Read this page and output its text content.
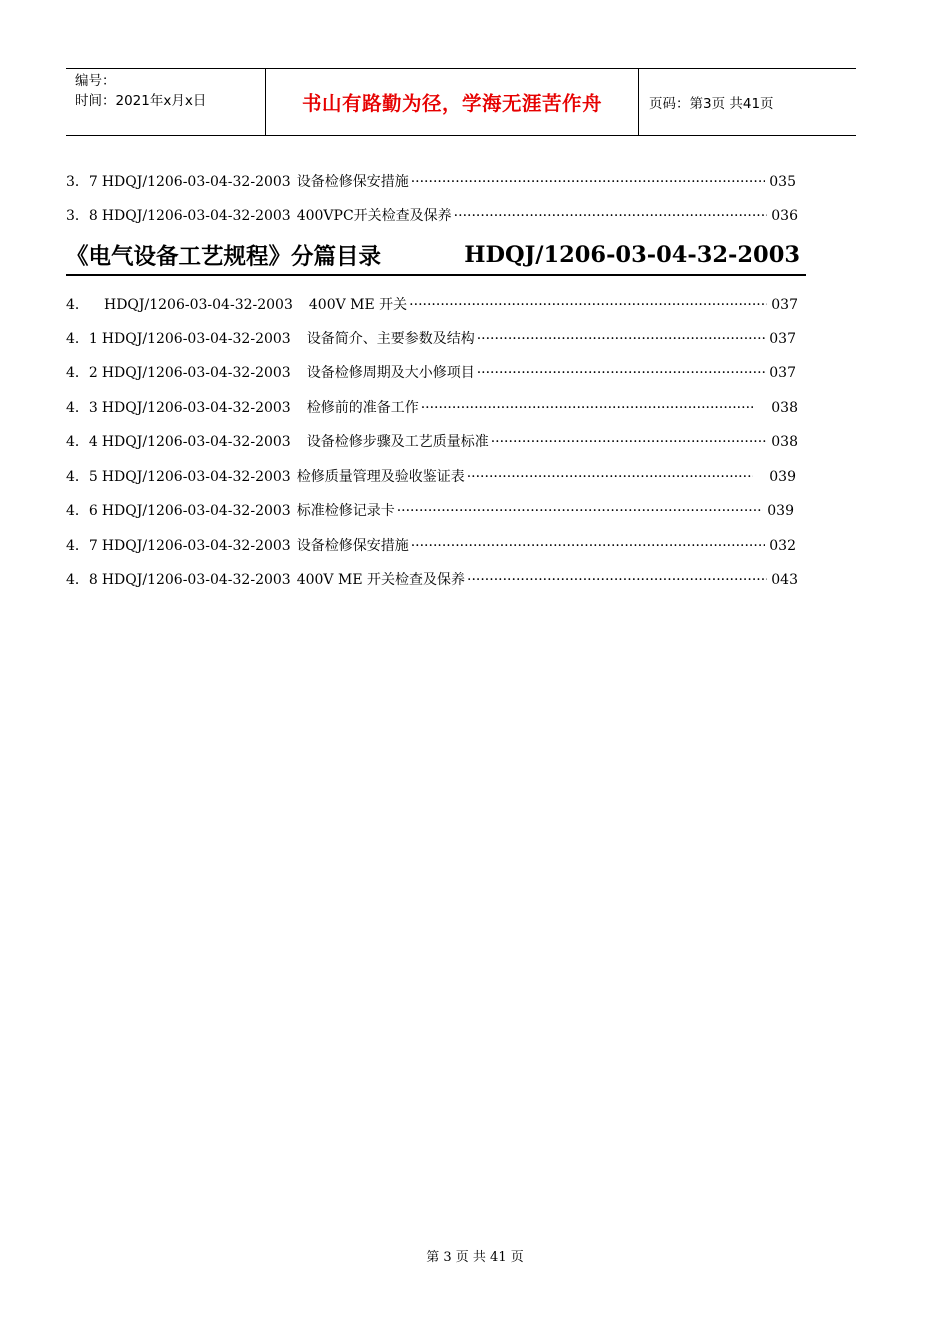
编号：
时间：2021年x月x日	书山有路勤为径，学海无涯苦作舟	页码：第3页 共41页
3．7 HDQJ/1206-03-04-32-2003 设备检修保安措施 ·····	035
3．8 HDQJ/1206-03-04-32-2003 400VPC开关检查及保养 ·····	036
《电气设备工艺规程》分篇目录	HDQJ/1206-03-04-32-2003
4．	HDQJ/1206-03-04-32-2003 400V ME 开关 ·····	037
4．1 HDQJ/1206-03-04-32-2003 设备简介、主要参数及结构 ·····	037
4．2 HDQJ/1206-03-04-32-2003 设备检修周期及大小修项目 ·····	037
4．3 HDQJ/1206-03-04-32-2003 检修前的准备工作 ·····	038
4．4 HDQJ/1206-03-04-32-2003 设备检修步骤及工艺质量标准 ·····	038
4．5 HDQJ/1206-03-04-32-2003 检修质量管理及验收鉴证表 ·····	039
4．6 HDQJ/1206-03-04-32-2003 标准检修记录卡 ·····	039
4．7 HDQJ/1206-03-04-32-2003 设备检修保安措施 ·····	032
4．8 HDQJ/1206-03-04-32-2003 400V ME 开关检查及保养 ·····	043
第 3 页 共 41 页
